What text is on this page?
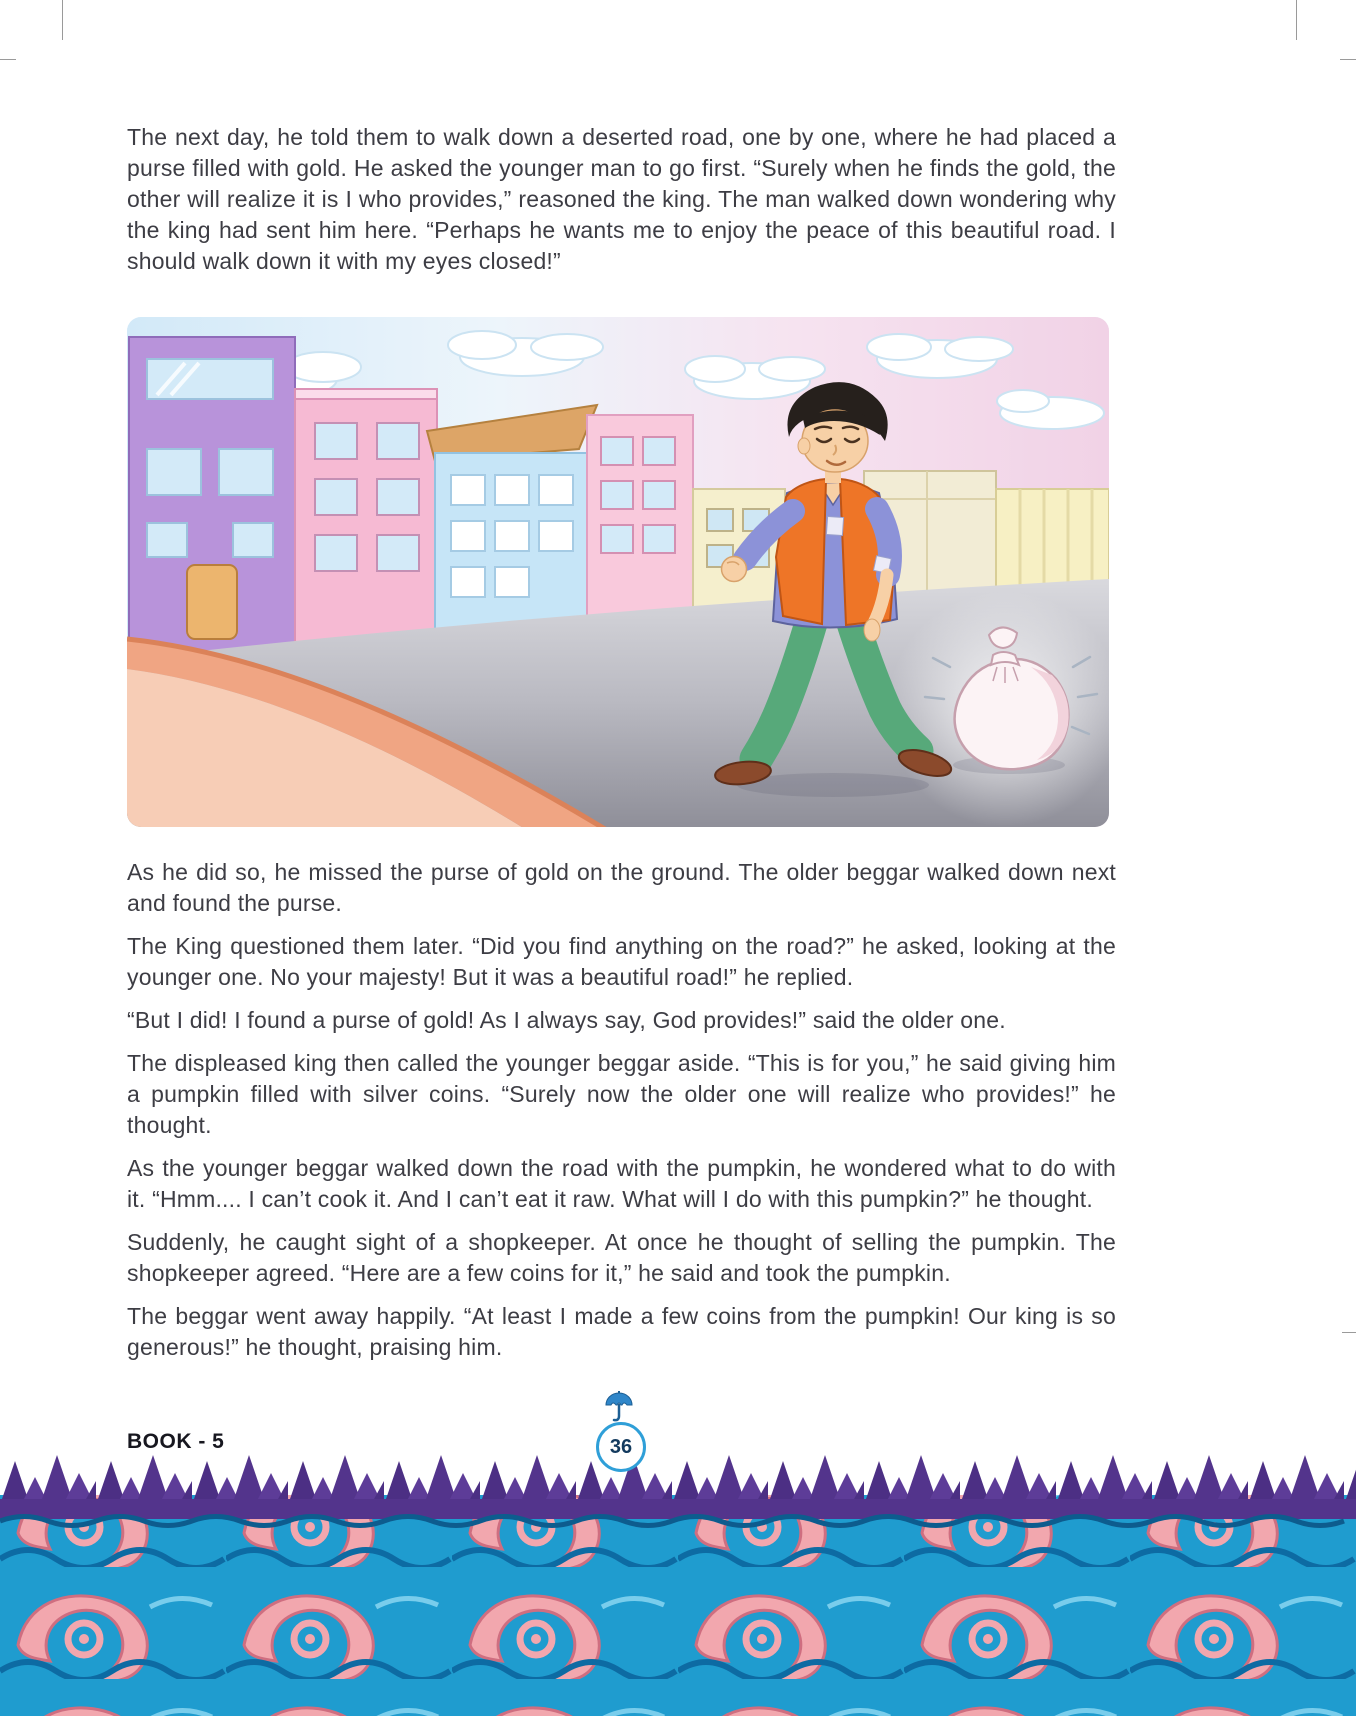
The next day, he told them to walk down a deserted road, one by one, where he had placed a purse filled with gold. He asked the younger man to go first. “Surely when he finds the gold, the other will realize it is I who provides,” reasoned the king. The man walked down wondering why the king had sent him here. “Perhaps he wants me to enjoy the peace of this beautiful road. I should walk down it with my eyes closed!”

As he did so, he missed the purse of gold on the ground. The older beggar walked down next and found the purse.

The King questioned them later. “Did you find anything on the road?” he asked, looking at the younger one. No your majesty! But it was a beautiful road!” he replied.

“But I did! I found a purse of gold! As I always say, God provides!” said the older one.

The displeased king then called the younger beggar aside. “This is for you,” he said giving him a pumpkin filled with silver coins. “Surely now the older one will realize who provides!” he thought.

As the younger beggar walked down the road with the pumpkin, he wondered what to do with it. “Hmm.... I can’t cook it. And I can’t eat it raw. What will I do with this pumpkin?” he thought.

Suddenly, he caught sight of a shopkeeper. At once he thought of selling the pumpkin. The shopkeeper agreed. “Here are a few coins for it,” he said and took the pumpkin.

The beggar went away happily. “At least I made a few coins from the pumpkin! Our king is so generous!” he thought, praising him.

BOOK - 5	36
